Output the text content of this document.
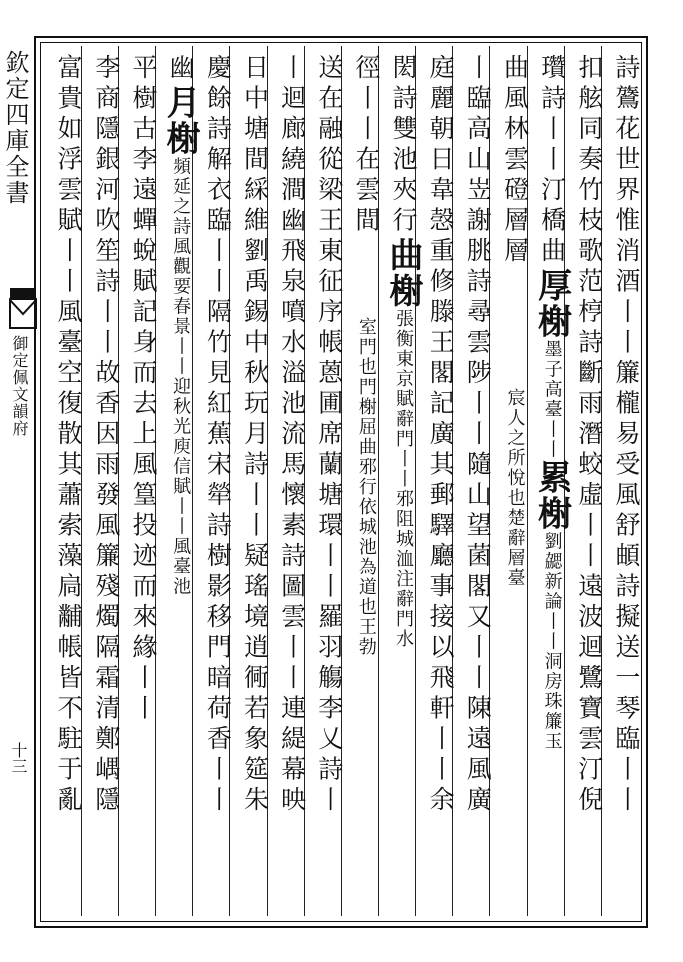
欽定四庫全書
御定佩文韻府
十三	詩鷟花世界惟消酒丨丨簾櫳易受風舒頔詩擬送一琴臨丨丨
扣舷同奏竹枝歌范梈詩斷雨潛蛟虛丨丨遠波迴鷺寶雲汀倪
瓚詩丨丨汀橋曲厚榭墨子高臺丨丨累榭劉勰新論丨丨洞房珠簾玉
曲風林雲磴層層宸人之所悅也楚辭層臺
丨臨高山岦謝朓詩尋雲陟丨丨隨山望菌閣又丨丨陳遠風廣
庭麗朝日韋愨重修滕王閣記廣其郵驛廳事接以飛軒丨丨余
閎詩雙池夾行曲榭張衡東京賦辭門丨丨邪阻城洫注辭門水
徑丨丨在雲間室門也門榭屈曲邪行依城池為道也王勃
送在融從梁王東征序帳蒽圃席蘭塘環丨丨羅羽觴李乂詩丨
丨迴廊繞澗幽飛泉噴水溢池流馬懷素詩圖雲丨丨連緹幕映
日中塘間綵維劉禹錫中秋玩月詩丨丨疑瑤境逍衕若象筵朱
慶餘詩解衣臨丨丨隔竹見紅蕉宋犖詩樹影移門暗荷香丨丨
幽月榭頻延之詩風觀要春景丨丨迎秋光庾信賦丨丨風臺池
平樹古李遠蟬蛻賦記身而去上風篁投迹而來緣丨丨
李商隱銀河吹笙詩丨丨故香因雨發風簾殘燭隔霜清鄭嵎隱
富貴如浮雲賦丨丨風臺空復散其蕭索藻扃黼帳皆不駐于亂
